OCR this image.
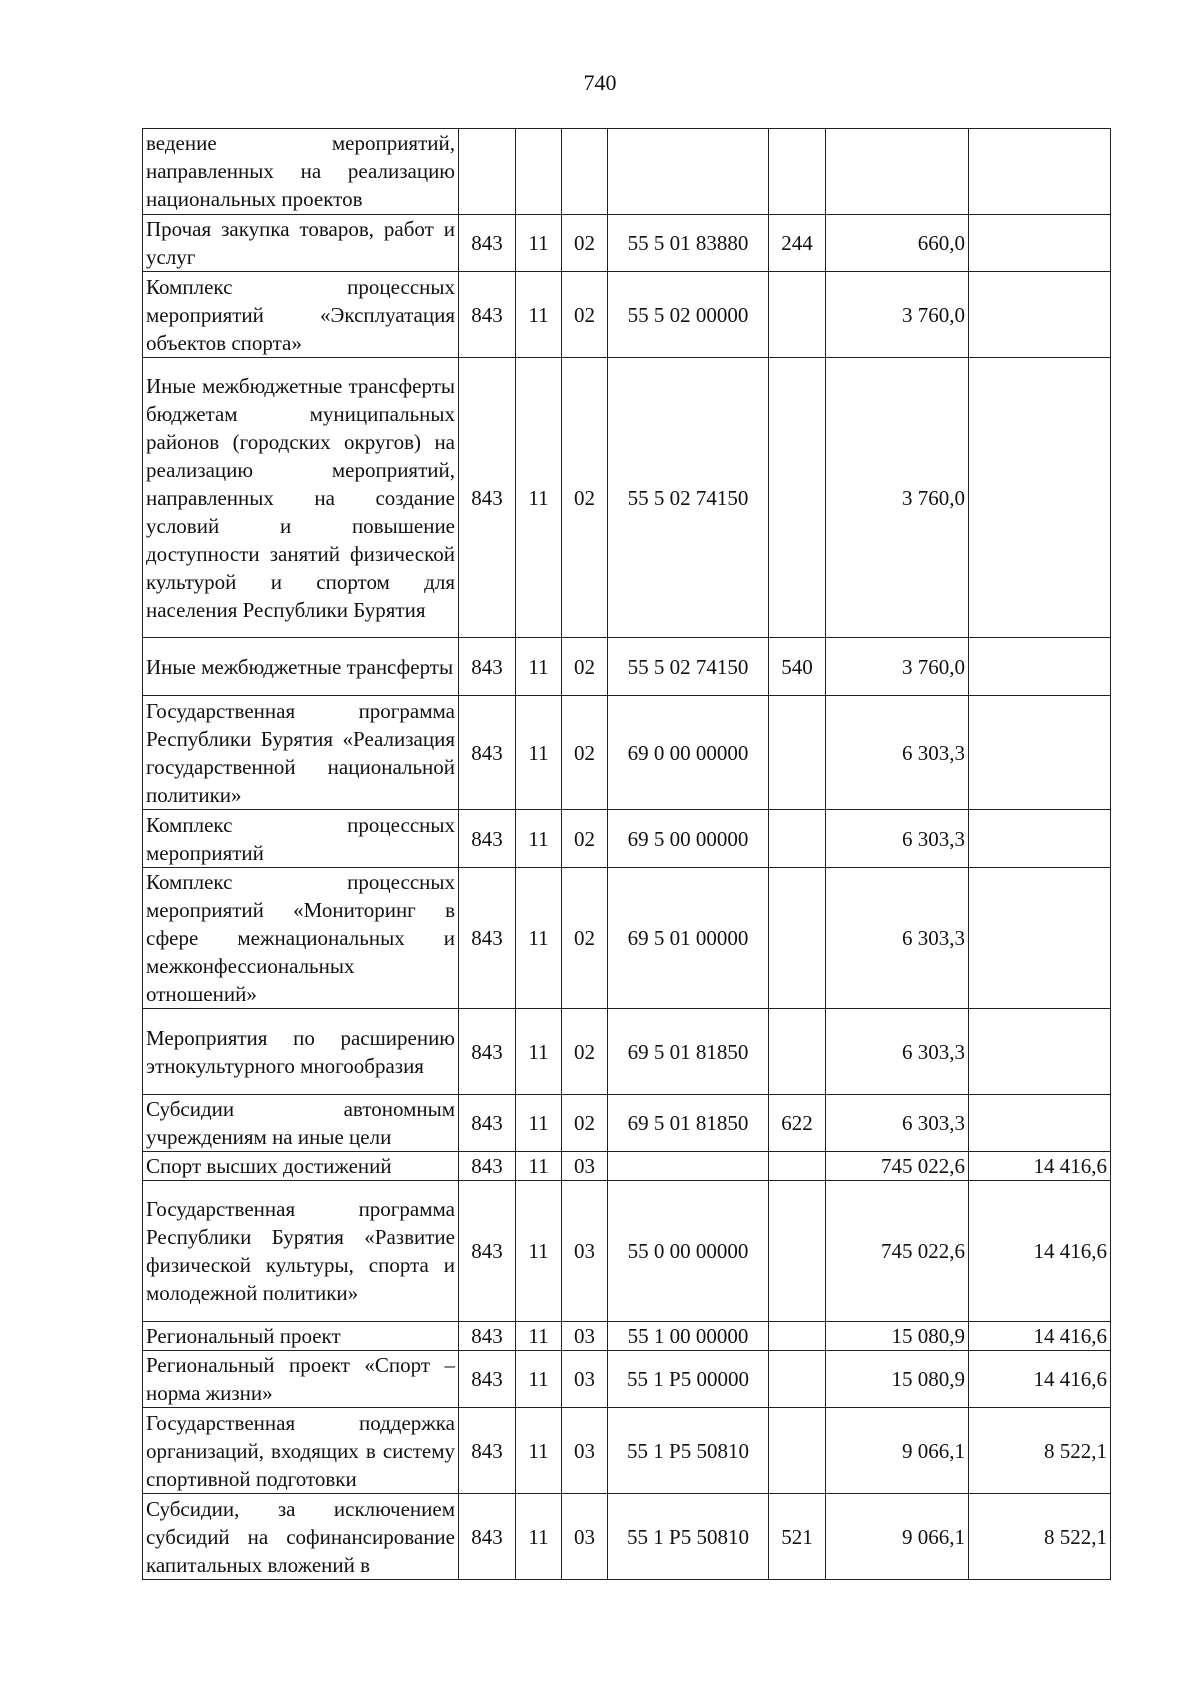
740
ведение мероприятий, направленных на реализацию национальных проектов							
Прочая закупка товаров, работ и услуг	843	11	02	55 5 01 83880	244	660,0	
Комплекс процессных мероприятий «Эксплуатация объектов спорта»	843	11	02	55 5 02 00000		3 760,0	
Иные межбюджетные трансферты бюджетам муниципальных районов (городских округов) на реализацию мероприятий, направленных на создание условий и повышение доступности занятий физической культурой и спортом для населения Республики Бурятия	843	11	02	55 5 02 74150		3 760,0	
Иные межбюджетные трансферты	843	11	02	55 5 02 74150	540	3 760,0	
Государственная программа Республики Бурятия «Реализация государственной национальной политики»	843	11	02	69 0 00 00000		6 303,3	
Комплекс процессных мероприятий	843	11	02	69 5 00 00000		6 303,3	
Комплекс процессных мероприятий «Мониторинг в сфере межнациональных и межконфессиональных отношений»	843	11	02	69 5 01 00000		6 303,3	
Мероприятия по расширению этнокультурного многообразия	843	11	02	69 5 01 81850		6 303,3	
Субсидии автономным учреждениям на иные цели	843	11	02	69 5 01 81850	622	6 303,3	
Спорт высших достижений	843	11	03			745 022,6	14 416,6
Государственная программа Республики Бурятия «Развитие физической культуры, спорта и молодежной политики»	843	11	03	55 0 00 00000		745 022,6	14 416,6
Региональный проект	843	11	03	55 1 00 00000		15 080,9	14 416,6
Региональный проект «Спорт – норма жизни»	843	11	03	55 1 P5 00000		15 080,9	14 416,6
Государственная поддержка организаций, входящих в систему спортивной подготовки	843	11	03	55 1 P5 50810		9 066,1	8 522,1
Субсидии, за исключением субсидий на софинансирование капитальных вложений в	843	11	03	55 1 P5 50810	521	9 066,1	8 522,1
